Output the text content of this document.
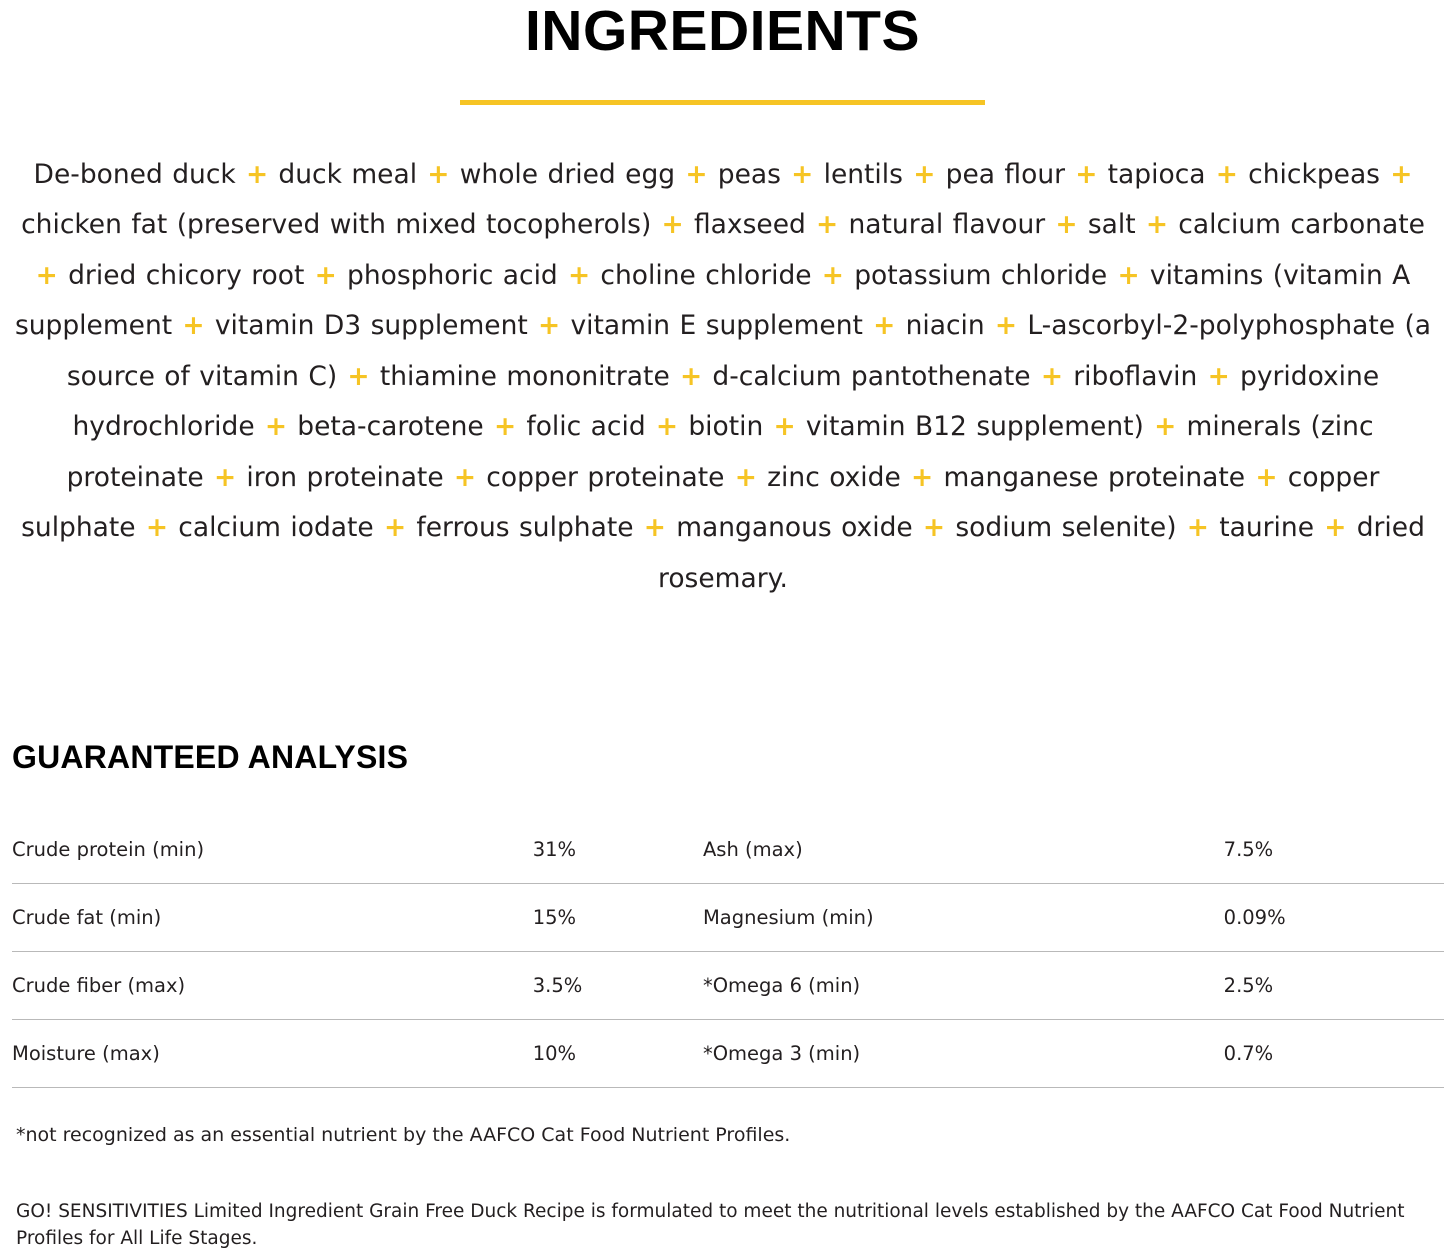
INGREDIENTS
De-boned duck + duck meal + whole dried egg + peas + lentils + pea flour + tapioca + chickpeas + chicken fat (preserved with mixed tocopherols) + flaxseed + natural flavour + salt + calcium carbonate + dried chicory root + phosphoric acid + choline chloride + potassium chloride + vitamins (vitamin A supplement + vitamin D3 supplement + vitamin E supplement + niacin + L-ascorbyl-2-polyphosphate (a source of vitamin C) + thiamine mononitrate + d-calcium pantothenate + riboflavin + pyridoxine hydrochloride + beta-carotene + folic acid + biotin + vitamin B12 supplement) + minerals (zinc proteinate + iron proteinate + copper proteinate + zinc oxide + manganese proteinate + copper sulphate + calcium iodate + ferrous sulphate + manganous oxide + sodium selenite) + taurine + dried rosemary.
GUARANTEED ANALYSIS
Crude protein (min)	31%	Ash (max)	7.5%
Crude fat (min)	15%	Magnesium (min)	0.09%
Crude fiber (max)	3.5%	*Omega 6 (min)	2.5%
Moisture (max)	10%	*Omega 3 (min)	0.7%
*not recognized as an essential nutrient by the AAFCO Cat Food Nutrient Profiles.
GO! SENSITIVITIES Limited Ingredient Grain Free Duck Recipe is formulated to meet the nutritional levels established by the AAFCO Cat Food Nutrient Profiles for All Life Stages.
